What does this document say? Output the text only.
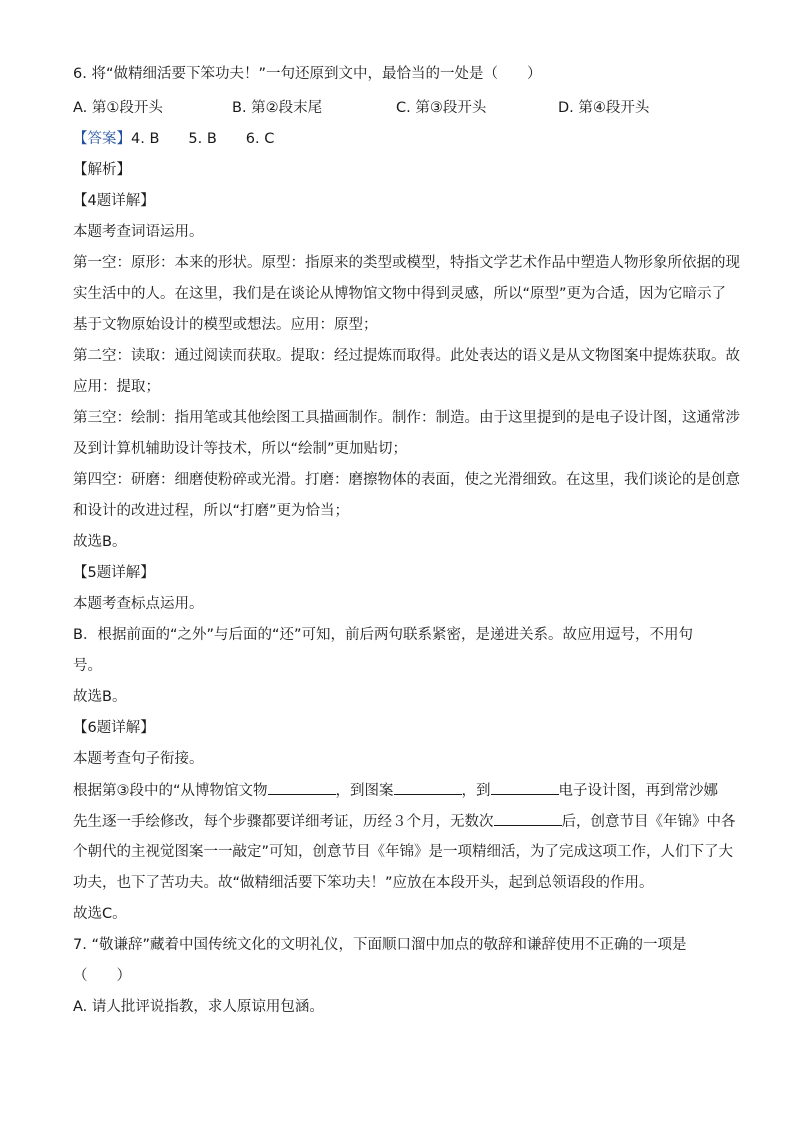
6. 将“做精细活要下笨功夫！”一句还原到文中，最恰当的一处是（　　）
A. 第①段开头	B. 第②段末尾	C. 第③段开头	D. 第④段开头
【答案】4. B　　5. B　　6. C
【解析】
【4题详解】
本题考查词语运用。
第一空：原形：本来的形状。原型：指原来的类型或模型，特指文学艺术作品中塑造人物形象所依据的现
实生活中的人。在这里，我们是在谈论从博物馆文物中得到灵感，所以“原型”更为合适，因为它暗示了
基于文物原始设计的模型或想法。应用：原型；
第二空：读取：通过阅读而获取。提取：经过提炼而取得。此处表达的语义是从文物图案中提炼获取。故
应用：提取；
第三空：绘制：指用笔或其他绘图工具描画制作。制作：制造。由于这里提到的是电子设计图，这通常涉
及到计算机辅助设计等技术，所以“绘制”更加贴切；
第四空：研磨：细磨使粉碎或光滑。打磨：磨擦物体的表面，使之光滑细致。在这里，我们谈论的是创意
和设计的改进过程，所以“打磨”更为恰当；
故选B。
【5题详解】
本题考查标点运用。
B．根据前面的“之外”与后面的“还”可知，前后两句联系紧密，是递进关系。故应用逗号，不用句
号。
故选B。
【6题详解】
本题考查句子衔接。
根据第③段中的“从博物馆文物	，到图案	，到	电子设计图，再到常沙娜
先生逐一手绘修改，每个步骤都要详细考证，历经３个月，无数次	后，创意节目《年锦》中各
个朝代的主视觉图案一一敲定”可知，创意节目《年锦》是一项精细活，为了完成这项工作，人们下了大
功夫，也下了苦功夫。故“做精细活要下笨功夫！”应放在本段开头，起到总领语段的作用。
故选C。
7. “敬谦辞”藏着中国传统文化的文明礼仪，下面顺口溜中加点的敬辞和谦辞使用不正确的一项是
（　　）
A. 请人批评说指教，求人原谅用包涵。
